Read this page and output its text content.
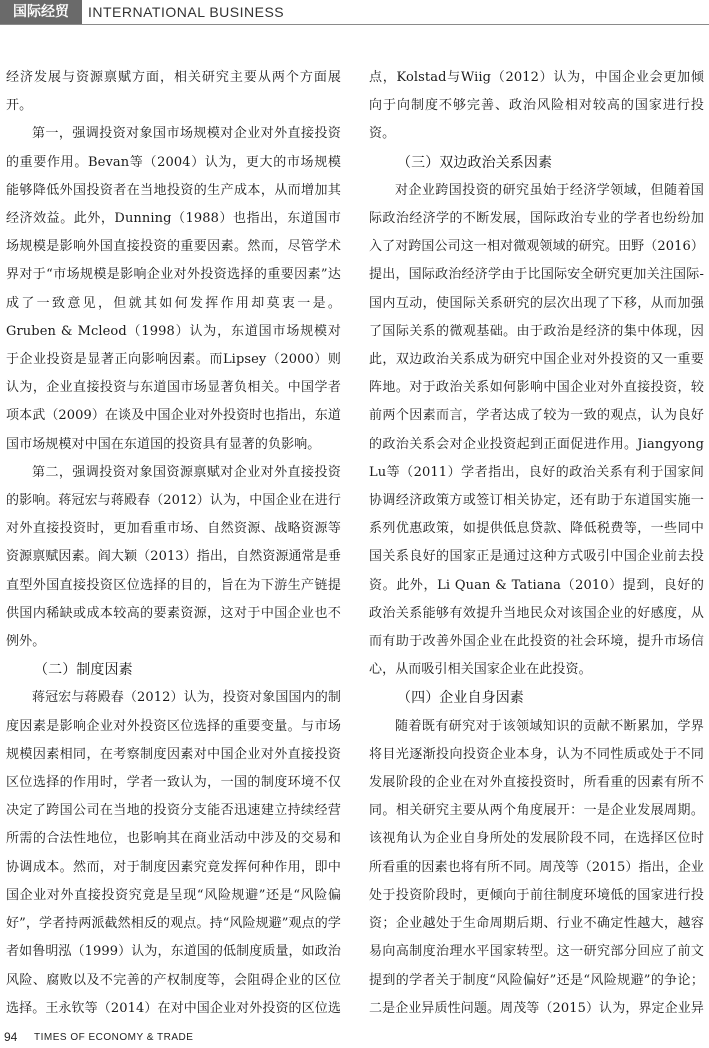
国际经贸	INTERNATIONAL BUSINESS

经济发展与资源禀赋方面，相关研究主要从两个方面展开。

第一，强调投资对象国市场规模对企业对外直接投资的重要作用。Bevan等（2004）认为，更大的市场规模能够降低外国投资者在当地投资的生产成本，从而增加其经济效益。此外，Dunning（1988）也指出，东道国市场规模是影响外国直接投资的重要因素。然而，尽管学术界对于“市场规模是影响企业对外投资选择的重要因素”达成了一致意见，但就其如何发挥作用却莫衷一是。Gruben & Mcleod（1998）认为，东道国市场规模对于企业投资是显著正向影响因素。而Lipsey（2000）则认为，企业直接投资与东道国市场显著负相关。中国学者项本武（2009）在谈及中国企业对外投资时也指出，东道国市场规模对中国在东道国的投资具有显著的负影响。

第二，强调投资对象国资源禀赋对企业对外直接投资的影响。蒋冠宏与蒋殿春（2012）认为，中国企业在进行对外直接投资时，更加看重市场、自然资源、战略资源等资源禀赋因素。阎大颖（2013）指出，自然资源通常是垂直型外国直接投资区位选择的目的，旨在为下游生产链提供国内稀缺或成本较高的要素资源，这对于中国企业也不例外。

（二）制度因素

蒋冠宏与蒋殿春（2012）认为，投资对象国国内的制度因素是影响企业对外投资区位选择的重要变量。与市场规模因素相同，在考察制度因素对中国企业对外直接投资区位选择的作用时，学者一致认为，一国的制度环境不仅决定了跨国公司在当地的投资分支能否迅速建立持续经营所需的合法性地位，也影响其在商业活动中涉及的交易和协调成本。然而，对于制度因素究竟发挥何种作用，即中国企业对外直接投资究竟是呈现“风险规避”还是“风险偏好”，学者持两派截然相反的观点。持“风险规避”观点的学者如鲁明泓（1999）认为，东道国的低制度质量，如政治风险、腐败以及不完善的产权制度等，会阻碍企业的区位选择。王永钦等（2014）在对中国企业对外投资的区位选

点，Kolstad与Wiig（2012）认为，中国企业会更加倾向于向制度不够完善、政治风险相对较高的国家进行投资。

（三）双边政治关系因素

对企业跨国投资的研究虽始于经济学领域，但随着国际政治经济学的不断发展，国际政治专业的学者也纷纷加入了对跨国公司这一相对微观领域的研究。田野（2016）提出，国际政治经济学由于比国际安全研究更加关注国际-国内互动，使国际关系研究的层次出现了下移，从而加强了国际关系的微观基础。由于政治是经济的集中体现，因此，双边政治关系成为研究中国企业对外投资的又一重要阵地。对于政治关系如何影响中国企业对外直接投资，较前两个因素而言，学者达成了较为一致的观点，认为良好的政治关系会对企业投资起到正面促进作用。Jiangyong Lu等（2011）学者指出，良好的政治关系有利于国家间协调经济政策方或签订相关协定，还有助于东道国实施一系列优惠政策，如提供低息贷款、降低税费等，一些同中国关系良好的国家正是通过这种方式吸引中国企业前去投资。此外，Li Quan & Tatiana（2010）提到，良好的政治关系能够有效提升当地民众对该国企业的好感度，从而有助于改善外国企业在此投资的社会环境，提升市场信心，从而吸引相关国家企业在此投资。

（四）企业自身因素

随着既有研究对于该领域知识的贡献不断累加，学界将目光逐渐投向投资企业本身，认为不同性质或处于不同发展阶段的企业在对外直接投资时，所看重的因素有所不同。相关研究主要从两个角度展开：一是企业发展周期。该视角认为企业自身所处的发展阶段不同，在选择区位时所看重的因素也将有所不同。周茂等（2015）指出，企业处于投资阶段时，更倾向于前往制度环境低的国家进行投资；企业越处于生命周期后期、行业不确定性越大，越容易向高制度治理水平国家转型。这一研究部分回应了前文提到的学者关于制度“风险偏好”还是“风险规避”的争论；二是企业异质性问题。周茂等（2015）认为，界定企业异

94 TIMES OF ECONOMY & TRADE
